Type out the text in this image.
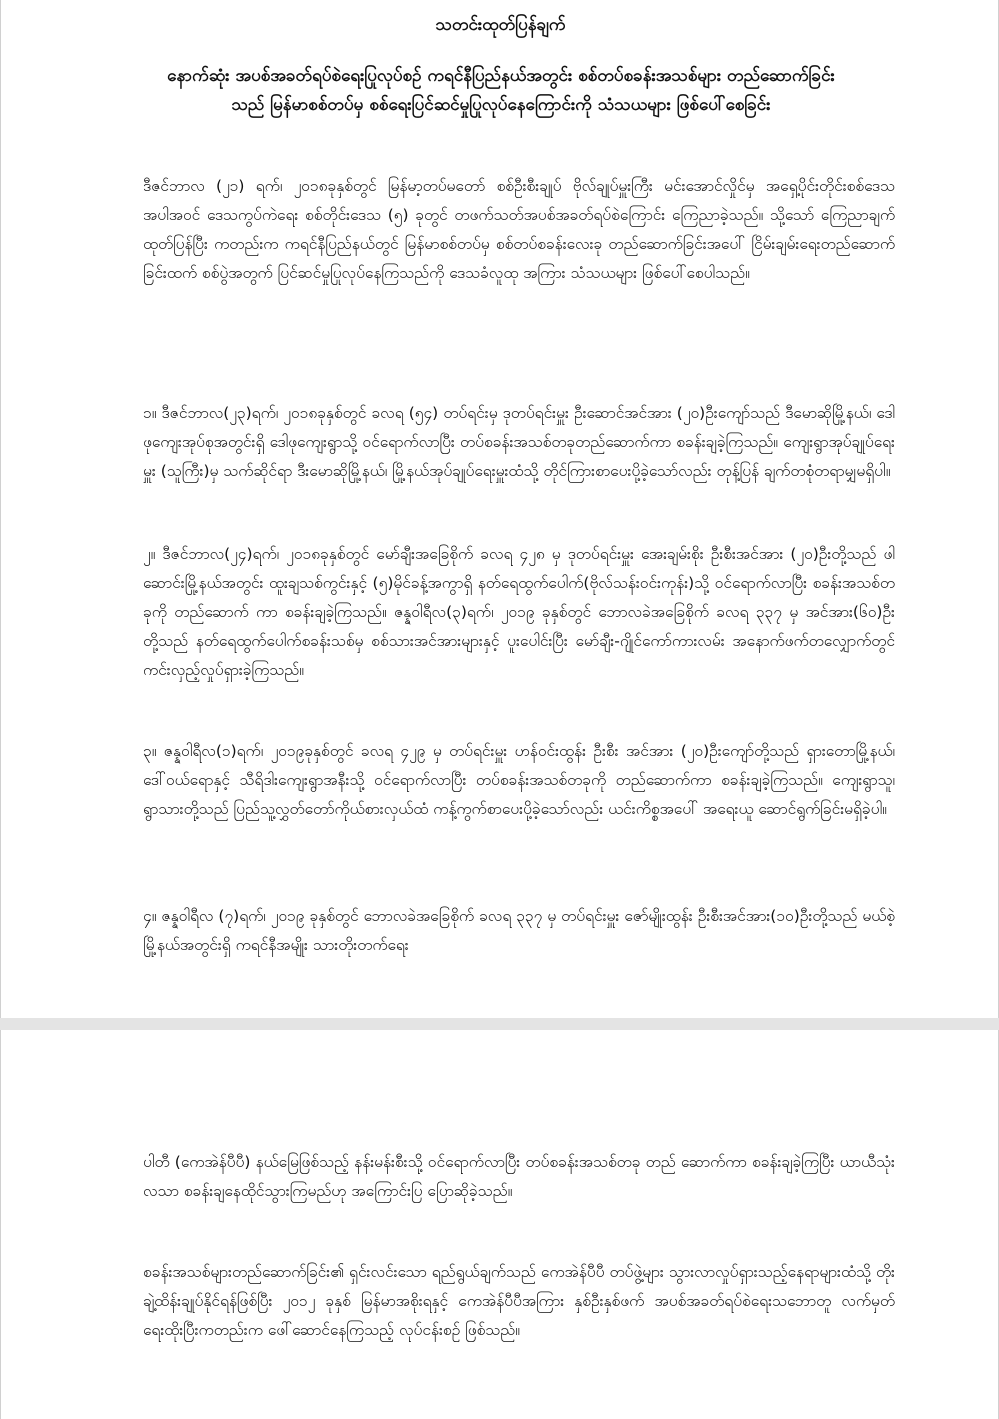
သတင်းထုတ်ပြန်ချက်
နောက်ဆုံး အပစ်အခတ်ရပ်စဲရေးပြုလုပ်စဉ် ကရင်နီပြည်နယ်အတွင်း စစ်တပ်စခန်းအသစ်များ တည်ဆောက်ခြင်းသည် မြန်မာစစ်တပ်မှ စစ်ရေးပြင်ဆင်မှုပြုလုပ်နေကြောင်းကို သံသယများ ဖြစ်ပေါ်စေခြင်း

ဒီဇင်ဘာလ (၂၁) ရက်၊ ၂၀၁၈ခုနှစ်တွင် မြန်မာ့တပ်မတော် စစ်ဦးစီးချုပ် ဗိုလ်ချုပ်မှူးကြီး မင်းအောင်လှိုင်မှ အရှေ့ပိုင်းတိုင်းစစ်ဒေသ အပါအဝင် ဒေသကွပ်ကဲရေး စစ်တိုင်းဒေသ (၅) ခုတွင် တဖက်သတ်အပစ်အခတ်ရပ်စဲကြောင်း ကြေညာခဲ့သည်။ သို့သော် ကြေညာချက် ထုတ်ပြန်ပြီး ကတည်းက ကရင်နီပြည်နယ်တွင် မြန်မာစစ်တပ်မှ စစ်တပ်စခန်းလေးခု တည်ဆောက်ခြင်းအပေါ် ငြိမ်းချမ်းရေးတည်ဆောက်ခြင်းထက် စစ်ပွဲအတွက် ပြင်ဆင်မှုပြုလုပ်နေကြသည်ကို ဒေသခံလူထု အကြား သံသယများ ဖြစ်ပေါ်စေပါသည်။

၁။ ဒီဇင်ဘာလ(၂၃)ရက်၊ ၂၀၁၈ခုနှစ်တွင် ခလရ (၅၄) တပ်ရင်းမှ ဒုတပ်ရင်းမှူး ဦးဆောင်အင်အား (၂၀)ဦးကျော်သည် ဒီမောဆိုမြို့နယ်၊ ဒေါဖုကျေးအုပ်စုအတွင်းရှိ ဒေါဖုကျေးရွာသို့ ဝင်ရောက်လာပြီး တပ်စခန်းအသစ်တခုတည်ဆောက်ကာ စခန်းချခဲ့ကြသည်။ ကျေးရွာအုပ်ချုပ်ရေးမှူး (သူကြီး)မှ သက်ဆိုင်ရာ ဒီးမောဆိုမြို့နယ်၊ မြို့နယ်အုပ်ချုပ်ရေးမှူးထံသို့ တိုင်ကြားစာပေးပို့ခဲ့သော်လည်း တုန့်ပြန် ချက်တစုံတရာမျှမရှိပါ။

၂။ ဒီဇင်ဘာလ(၂၄)ရက်၊ ၂၀၁၈ခုနှစ်တွင် မော်ချီးအခြေစိုက် ခလရ ၄၂၈ မှ ဒုတပ်ရင်းမှူး အေးချမ်းစိုး ဦးစီးအင်အား (၂၀)ဦးတို့သည် ဖါဆောင်းမြို့နယ်အတွင်း ထူးချသစ်ကွင်းနှင့် (၅)မိုင်ခန့်အကွာရှိ နတ်ရေထွက်ပေါက်(ဗိုလ်သန်းဝင်းကုန်း)သို့ ဝင်ရောက်လာပြီး စခန်းအသစ်တခုကို တည်ဆောက် ကာ စခန်းချခဲ့ကြသည်။ ဇန္နဝါရီလ(၃)ရက်၊ ၂၀၁၉ ခုနှစ်တွင် ဘောလခဲအခြေစိုက် ခလရ ၃၃၇ မှ အင်အား(၆၀)ဦးတို့သည် နတ်ရေထွက်ပေါက်စခန်းသစ်မှ စစ်သားအင်အားများနှင့် ပူးပေါင်းပြီး မော်ချီး-ဂျိုင်ကော်ကားလမ်း အနောက်ဖက်တလျှောက်တွင် ကင်းလှည့်လှုပ်ရှားခဲ့ကြသည်။

၃။ ဇန္နဝါရီလ(၁)ရက်၊ ၂၀၁၉ခုနှစ်တွင် ခလရ ၄၂၉ မှ တပ်ရင်းမှူး ဟန်ဝင်းထွန်း ဦးစီး အင်အား (၂၀)ဦးကျော်တို့သည် ရှားတောမြို့နယ်၊ ဒေါ်ဝယ်ရောနှင့် သီရိဒါးကျေးရွာအနီးသို့ ဝင်ရောက်လာပြီး တပ်စခန်းအသစ်တခုကို တည်ဆောက်ကာ စခန်းချခဲ့ကြသည်။ ကျေးရွာသူ၊ ရွာသားတို့သည် ပြည်သူ့လွှတ်တော်ကိုယ်စားလှယ်ထံ ကန့်ကွက်စာပေးပို့ခဲ့သော်လည်း ယင်းကိစ္စအပေါ် အရေးယူ ဆောင်ရွက်ခြင်းမရှိခဲ့ပါ။

၄။ ဇန္နဝါရီလ (၇)ရက်၊ ၂၀၁၉ ခုနှစ်တွင် ဘောလခဲအခြေစိုက် ခလရ ၃၃၇ မှ တပ်ရင်းမှူး ဇော်မျိုးထွန်း ဦးစီးအင်အား(၁၀)ဦးတို့သည် မယ်စဲ့မြို့နယ်အတွင်းရှိ ကရင်နီအမျိုး သားတိုးတက်ရေး

ပါတီ (ကေအဲန်ပီပီ) နယ်မြေဖြစ်သည့် နန်းမန်းစီးသို့ ဝင်ရောက်လာပြီး တပ်စခန်းအသစ်တခု တည် ဆောက်ကာ စခန်းချခဲ့ကြပြီး ယာယီသုံးလသာ စခန်းချနေထိုင်သွားကြမည်ဟု အကြောင်းပြ ပြောဆိုခဲ့သည်။

စခန်းအသစ်များတည်ဆောက်ခြင်း၏ ရှင်းလင်းသော ရည်ရွယ်ချက်သည် ကေအဲန်ပီပီ တပ်ဖွဲ့များ သွားလာလှုပ်ရှားသည့်နေရာများထံသို့ တိုးချဲ့ထိန်းချုပ်နိုင်ရန်ဖြစ်ပြီး ၂၀၁၂ ခုနှစ် မြန်မာအစိုးရနှင့် ကေအဲန်ပီပီအကြား နှစ်ဦးနှစ်ဖက် အပစ်အခတ်ရပ်စဲရေးသဘောတူ လက်မှတ်ရေးထိုးပြီးကတည်းက ဖေါ်ဆောင်နေကြသည့် လုပ်ငန်းစဉ် ဖြစ်သည်။
